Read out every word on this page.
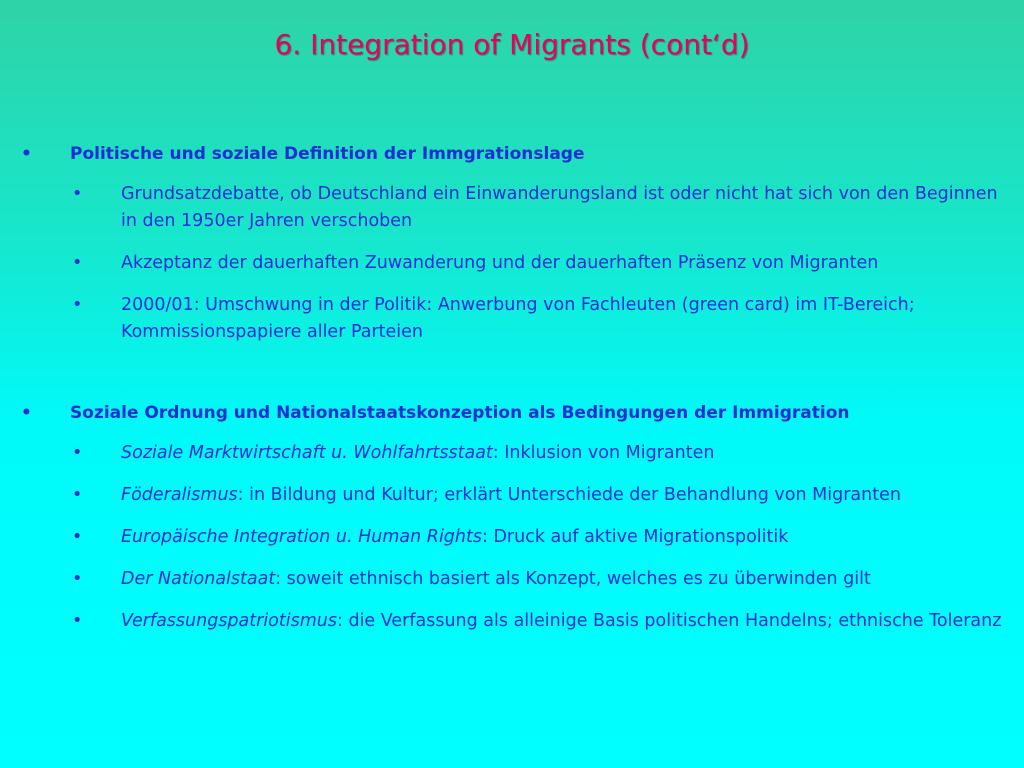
6. Integration of Migrants (cont‘d)
• Politische und soziale Definition der Immgrationslage
• Grundsatzdebatte, ob Deutschland ein Einwanderungsland ist oder nicht hat sich von den Beginnen in den 1950er Jahren verschoben
• Akzeptanz der dauerhaften Zuwanderung und der dauerhaften Präsenz von Migranten
• 2000/01: Umschwung in der Politik: Anwerbung von Fachleuten (green card) im IT-Bereich; Kommissionspapiere aller Parteien
• Soziale Ordnung und Nationalstaatskonzeption als Bedingungen der Immigration
• Soziale Marktwirtschaft u. Wohlfahrtsstaat: Inklusion von Migranten
• Föderalismus: in Bildung und Kultur; erklärt Unterschiede der Behandlung von Migranten
• Europäische Integration u. Human Rights: Druck auf aktive Migrationspolitik
• Der Nationalstaat: soweit ethnisch basiert als Konzept, welches es zu überwinden gilt
• Verfassungspatriotismus: die Verfassung als alleinige Basis politischen Handelns; ethnische Toleranz
